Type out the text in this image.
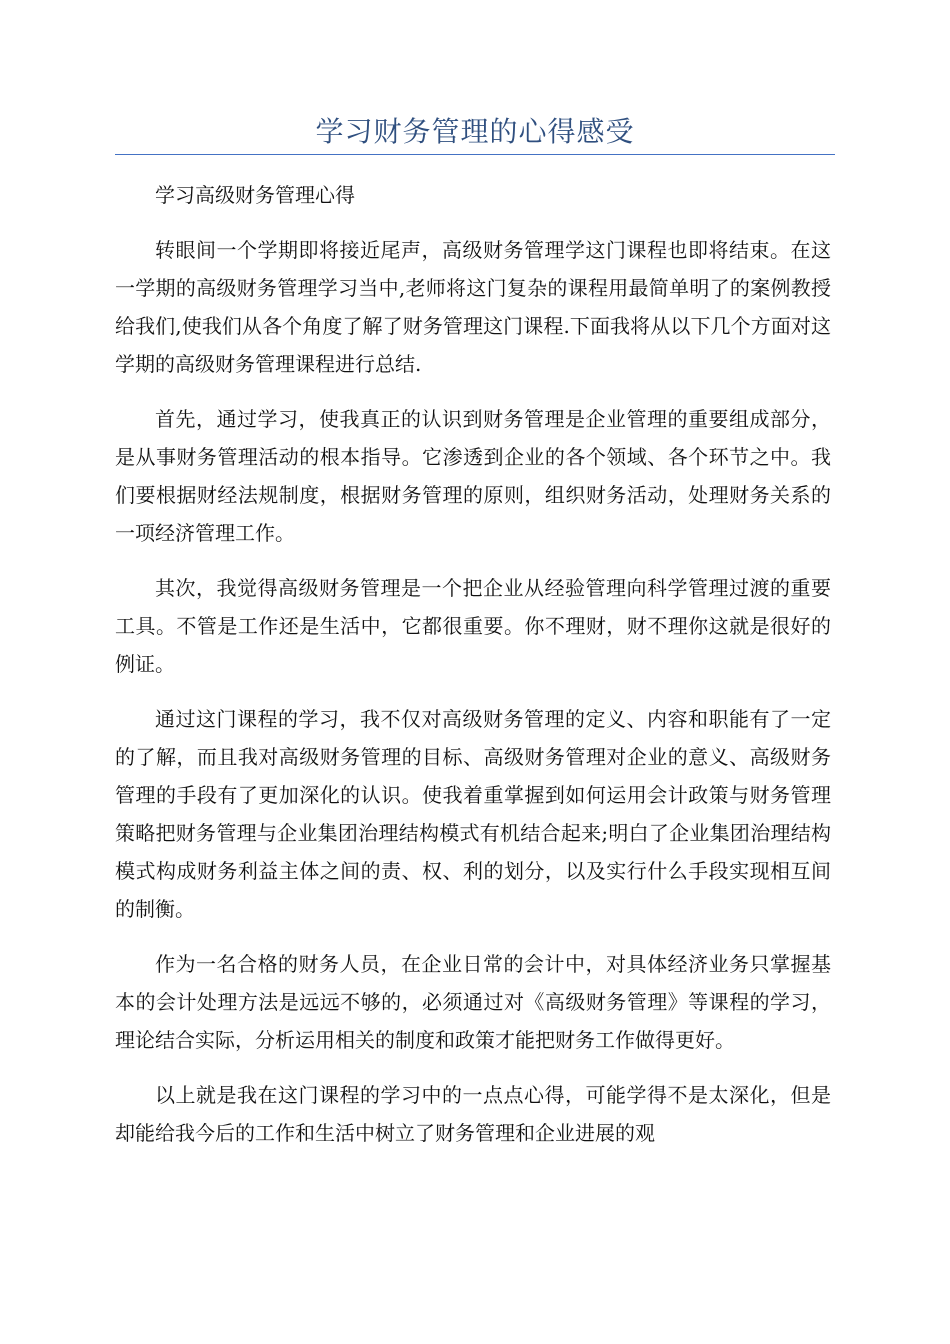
学习财务管理的心得感受

学习高级财务管理心得

转眼间一个学期即将接近尾声，高级财务管理学这门课程也即将结束。在这一学期的高级财务管理学习当中,老师将这门复杂的课程用最简单明了的案例教授给我们,使我们从各个角度了解了财务管理这门课程.下面我将从以下几个方面对这学期的高级财务管理课程进行总结.

首先，通过学习，使我真正的认识到财务管理是企业管理的重要组成部分，是从事财务管理活动的根本指导。它渗透到企业的各个领域、各个环节之中。我们要根据财经法规制度，根据财务管理的原则，组织财务活动，处理财务关系的一项经济管理工作。

其次，我觉得高级财务管理是一个把企业从经验管理向科学管理过渡的重要工具。不管是工作还是生活中，它都很重要。你不理财，财不理你这就是很好的例证。

通过这门课程的学习，我不仅对高级财务管理的定义、内容和职能有了一定的了解，而且我对高级财务管理的目标、高级财务管理对企业的意义、高级财务管理的手段有了更加深化的认识。使我着重掌握到如何运用会计政策与财务管理策略把财务管理与企业集团治理结构模式有机结合起来;明白了企业集团治理结构模式构成财务利益主体之间的责、权、利的划分，以及实行什么手段实现相互间的制衡。

作为一名合格的财务人员，在企业日常的会计中，对具体经济业务只掌握基本的会计处理方法是远远不够的，必须通过对《高级财务管理》等课程的学习，理论结合实际，分析运用相关的制度和政策才能把财务工作做得更好。

以上就是我在这门课程的学习中的一点点心得，可能学得不是太深化，但是却能给我今后的工作和生活中树立了财务管理和企业进展的观
